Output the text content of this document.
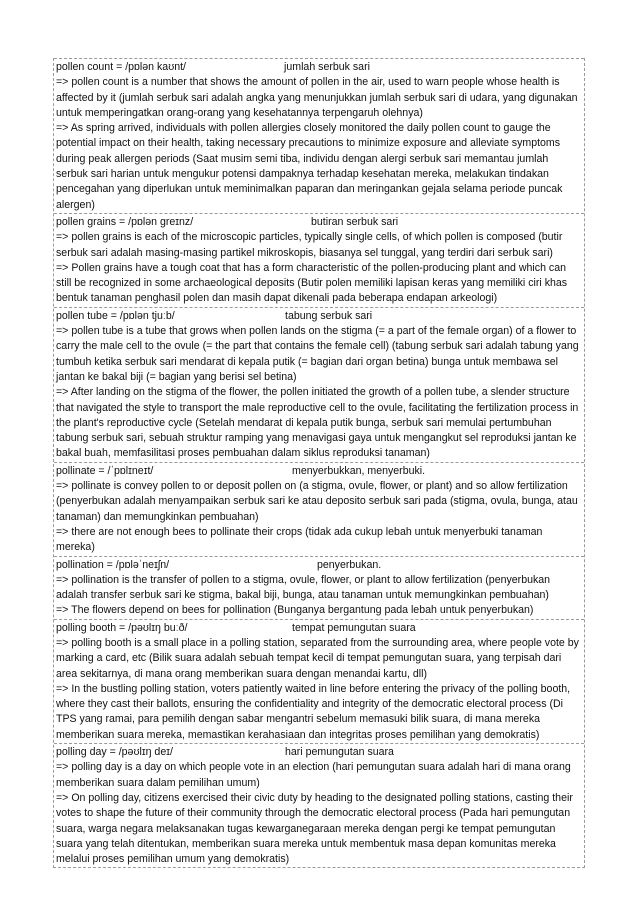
pollen count = /pɒlən kaʊnt/	jumlah serbuk sari
=> pollen count is a number that shows the amount of pollen in the air, used to warn people whose health is affected by it (jumlah serbuk sari adalah angka yang menunjukkan jumlah serbuk sari di udara, yang digunakan untuk memperingatkan orang-orang yang kesehatannya terpengaruh olehnya)
=> As spring arrived, individuals with pollen allergies closely monitored the daily pollen count to gauge the potential impact on their health, taking necessary precautions to minimize exposure and alleviate symptoms during peak allergen periods (Saat musim semi tiba, individu dengan alergi serbuk sari memantau jumlah serbuk sari harian untuk mengukur potensi dampaknya terhadap kesehatan mereka, melakukan tindakan pencegahan yang diperlukan untuk meminimalkan paparan dan meringankan gejala selama periode puncak alergen)
pollen grains = /pɒlən greɪnz/	butiran serbuk sari
=> pollen grains is each of the microscopic particles, typically single cells, of which pollen is composed (butir serbuk sari adalah masing-masing partikel mikroskopis, biasanya sel tunggal, yang terdiri dari serbuk sari)
=> Pollen grains have a tough coat that has a form characteristic of the pollen-producing plant and which can still be recognized in some archaeological deposits (Butir polen memiliki lapisan keras yang memiliki ciri khas bentuk tanaman penghasil polen dan masih dapat dikenali pada beberapa endapan arkeologi)
pollen tube = /pɒlən tjuːb/	tabung serbuk sari
=> pollen tube is a tube that grows when pollen lands on the stigma (= a part of the female organ) of a flower to carry the male cell to the ovule (= the part that contains the female cell) (tabung serbuk sari adalah tabung yang tumbuh ketika serbuk sari mendarat di kepala putik (= bagian dari organ betina) bunga untuk membawa sel jantan ke bakal biji (= bagian yang berisi sel betina)
=> After landing on the stigma of the flower, the pollen initiated the growth of a pollen tube, a slender structure that navigated the style to transport the male reproductive cell to the ovule, facilitating the fertilization process in the plant's reproductive cycle (Setelah mendarat di kepala putik bunga, serbuk sari memulai pertumbuhan tabung serbuk sari, sebuah struktur ramping yang menavigasi gaya untuk mengangkut sel reproduksi jantan ke bakal buah, memfasilitasi proses pembuahan dalam siklus reproduksi tanaman)
pollinate = /ˈpɒlɪneɪt/	menyerbukkan, menyerbuki.
=> pollinate is convey pollen to or deposit pollen on (a stigma, ovule, flower, or plant) and so allow fertilization (penyerbukan adalah menyampaikan serbuk sari ke atau deposito serbuk sari pada (stigma, ovula, bunga, atau tanaman) dan memungkinkan pembuahan)
=> there are not enough bees to pollinate their crops (tidak ada cukup lebah untuk menyerbuki tanaman mereka)
pollination = /pɒləˈneɪʃn/	penyerbukan.
=> pollination is the transfer of pollen to a stigma, ovule, flower, or plant to allow fertilization (penyerbukan adalah transfer serbuk sari ke stigma, bakal biji, bunga, atau tanaman untuk memungkinkan pembuahan)
=> The flowers depend on bees for pollination (Bunganya bergantung pada lebah untuk penyerbukan)
polling booth = /pəʊlɪŋ buːð/	tempat pemungutan suara
=> polling booth is a small place in a polling station, separated from the surrounding area, where people vote by marking a card, etc (Bilik suara adalah sebuah tempat kecil di tempat pemungutan suara, yang terpisah dari area sekitarnya, di mana orang memberikan suara dengan menandai kartu, dll)
=> In the bustling polling station, voters patiently waited in line before entering the privacy of the polling booth, where they cast their ballots, ensuring the confidentiality and integrity of the democratic electoral process (Di TPS yang ramai, para pemilih dengan sabar mengantri sebelum memasuki bilik suara, di mana mereka memberikan suara mereka, memastikan kerahasiaan dan integritas proses pemilihan yang demokratis)
polling day = /pəʊlɪŋ deɪ/	hari pemungutan suara
=> polling day is a day on which people vote in an election (hari pemungutan suara adalah hari di mana orang memberikan suara dalam pemilihan umum)
=> On polling day, citizens exercised their civic duty by heading to the designated polling stations, casting their votes to shape the future of their community through the democratic electoral process (Pada hari pemungutan suara, warga negara melaksanakan tugas kewarganegaraan mereka dengan pergi ke tempat pemungutan suara yang telah ditentukan, memberikan suara mereka untuk membentuk masa depan komunitas mereka melalui proses pemilihan umum yang demokratis)
